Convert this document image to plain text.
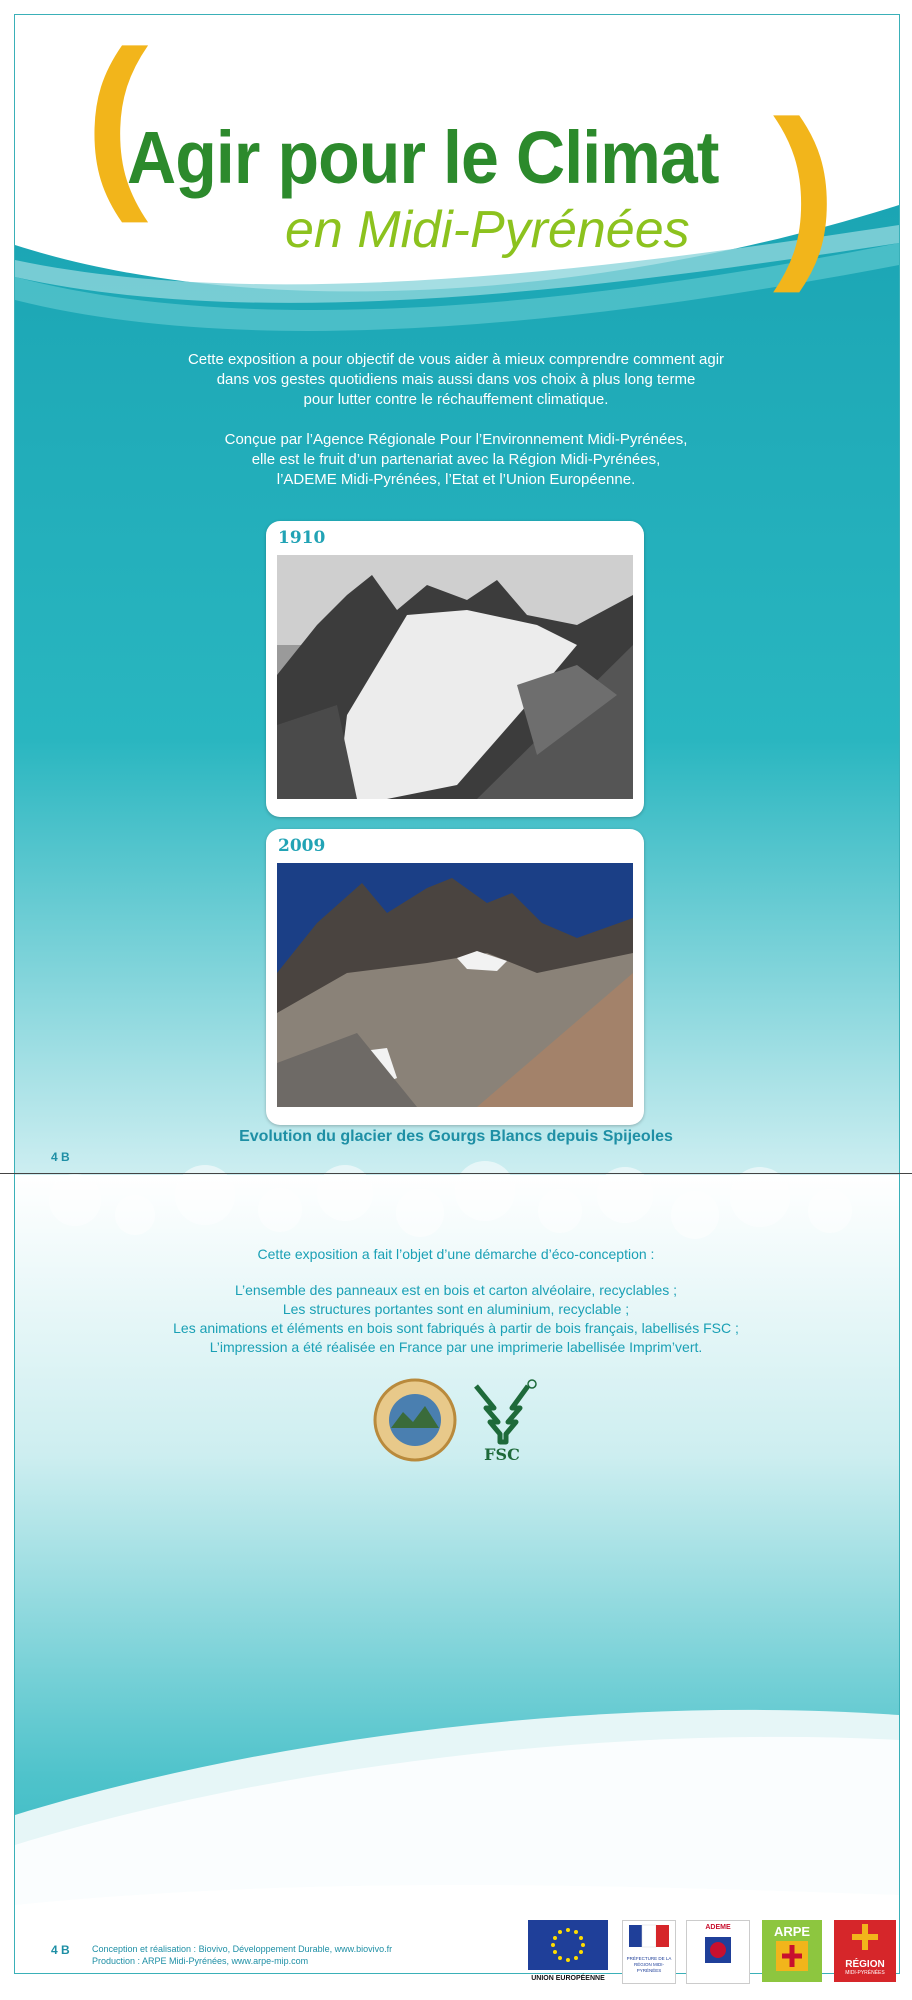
(
Agir pour le Climat
en Midi-Pyrénées )

Cette exposition a pour objectif de vous aider à mieux comprendre comment agir

dans vos gestes quotidiens mais aussi dans vos choix à plus long terme

pour lutter contre le réchauffement climatique.

Conçue par l’Agence Régionale Pour l’Environnement Midi-Pyrénées,

elle est le fruit d’un partenariat avec la Région Midi-Pyrénées,

l’ADEME Midi-Pyrénées, l’Etat et l’Union Européenne.

1910
2009
Evolution du glacier des Gourgs Blancs depuis Spijeoles
4 B

Cette exposition a fait l’objet d’une démarche d’éco-conception :

L’ensemble des panneaux est en bois et carton alvéolaire, recyclables ;

Les structures portantes sont en aluminium, recyclable ;

Les animations et éléments en bois sont fabriqués à partir de bois français, labellisés FSC ;

L’impression a été réalisée en France par une imprimerie labellisée Imprim’vert.

FSC
4 B Conception et réalisation : Biovivo, Développement Durable, www.biovivo.fr
Production : ARPE Midi-Pyrénées, www.arpe-mip.com
UNION EUROPÉENNE
PRÉFECTURE DE LA RÉGION MIDI-PYRÉNÉES
ADEME	ARPE
RÉGION
MIDI-PYRÉNÉES
